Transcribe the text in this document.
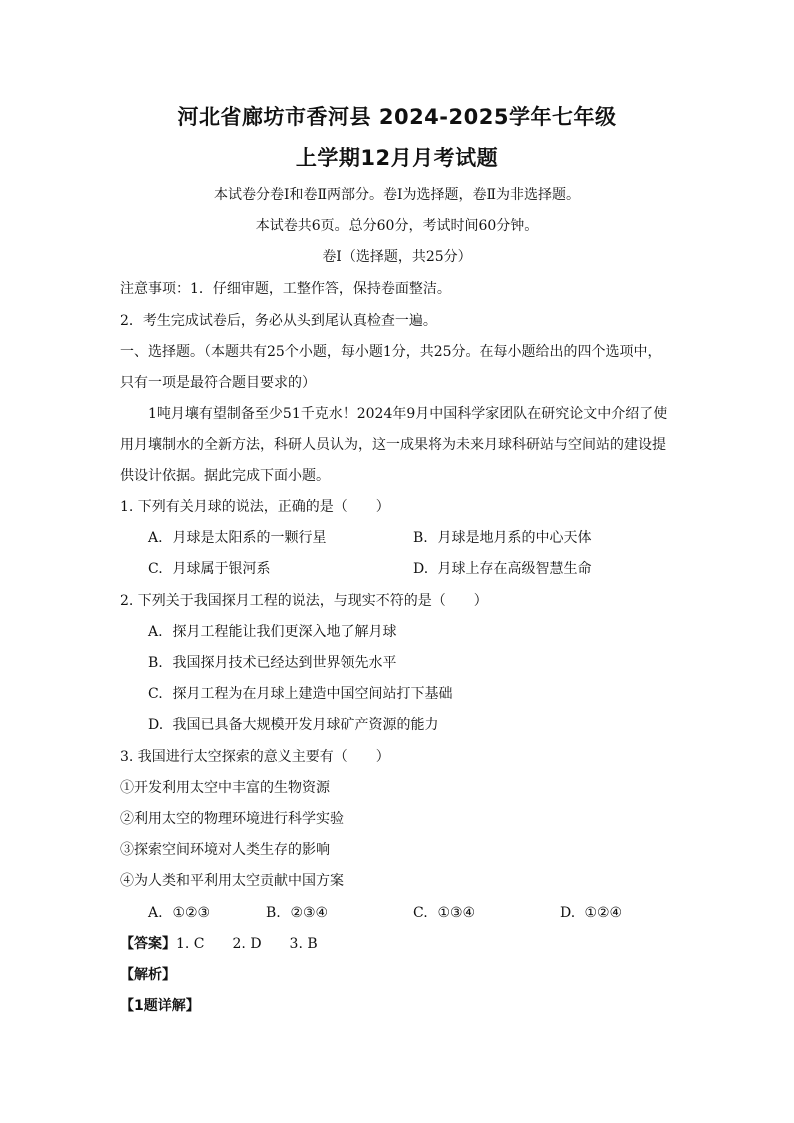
河北省廊坊市香河县 2024-2025学年七年级
上学期12月月考试题
本试卷分卷Ⅰ和卷Ⅱ两部分。卷Ⅰ为选择题，卷Ⅱ为非选择题。
本试卷共6页。总分60分，考试时间60分钟。
卷Ⅰ（选择题，共25分）
注意事项：1．仔细审题，工整作答，保持卷面整洁。
2．考生完成试卷后，务必从头到尾认真检查一遍。
一、选择题。（本题共有25个小题，每小题1分，共25分。在每小题给出的四个选项中，
只有一项是最符合题目要求的）
1吨月壤有望制备至少51千克水！2024年9月中国科学家团队在研究论文中介绍了使
用月壤制水的全新方法，科研人员认为，这一成果将为未来月球科研站与空间站的建设提
供设计依据。据此完成下面小题。
1. 下列有关月球的说法，正确的是（　　）
A. 月球是太阳系的一颗行星	B. 月球是地月系的中心天体
C. 月球属于银河系	D. 月球上存在高级智慧生命
2. 下列关于我国探月工程的说法，与现实不符的是（　　）
A. 探月工程能让我们更深入地了解月球
B. 我国探月技术已经达到世界领先水平
C. 探月工程为在月球上建造中国空间站打下基础
D. 我国已具备大规模开发月球矿产资源的能力
3. 我国进行太空探索的意义主要有（　　）
①开发利用太空中丰富的生物资源
②利用太空的物理环境进行科学实验
③探索空间环境对人类生存的影响
④为人类和平利用太空贡献中国方案
A. ①②③	B. ②③④	C. ①③④	D. ①②④
【答案】1. C　　2. D　　3. B
【解析】
【1题详解】
